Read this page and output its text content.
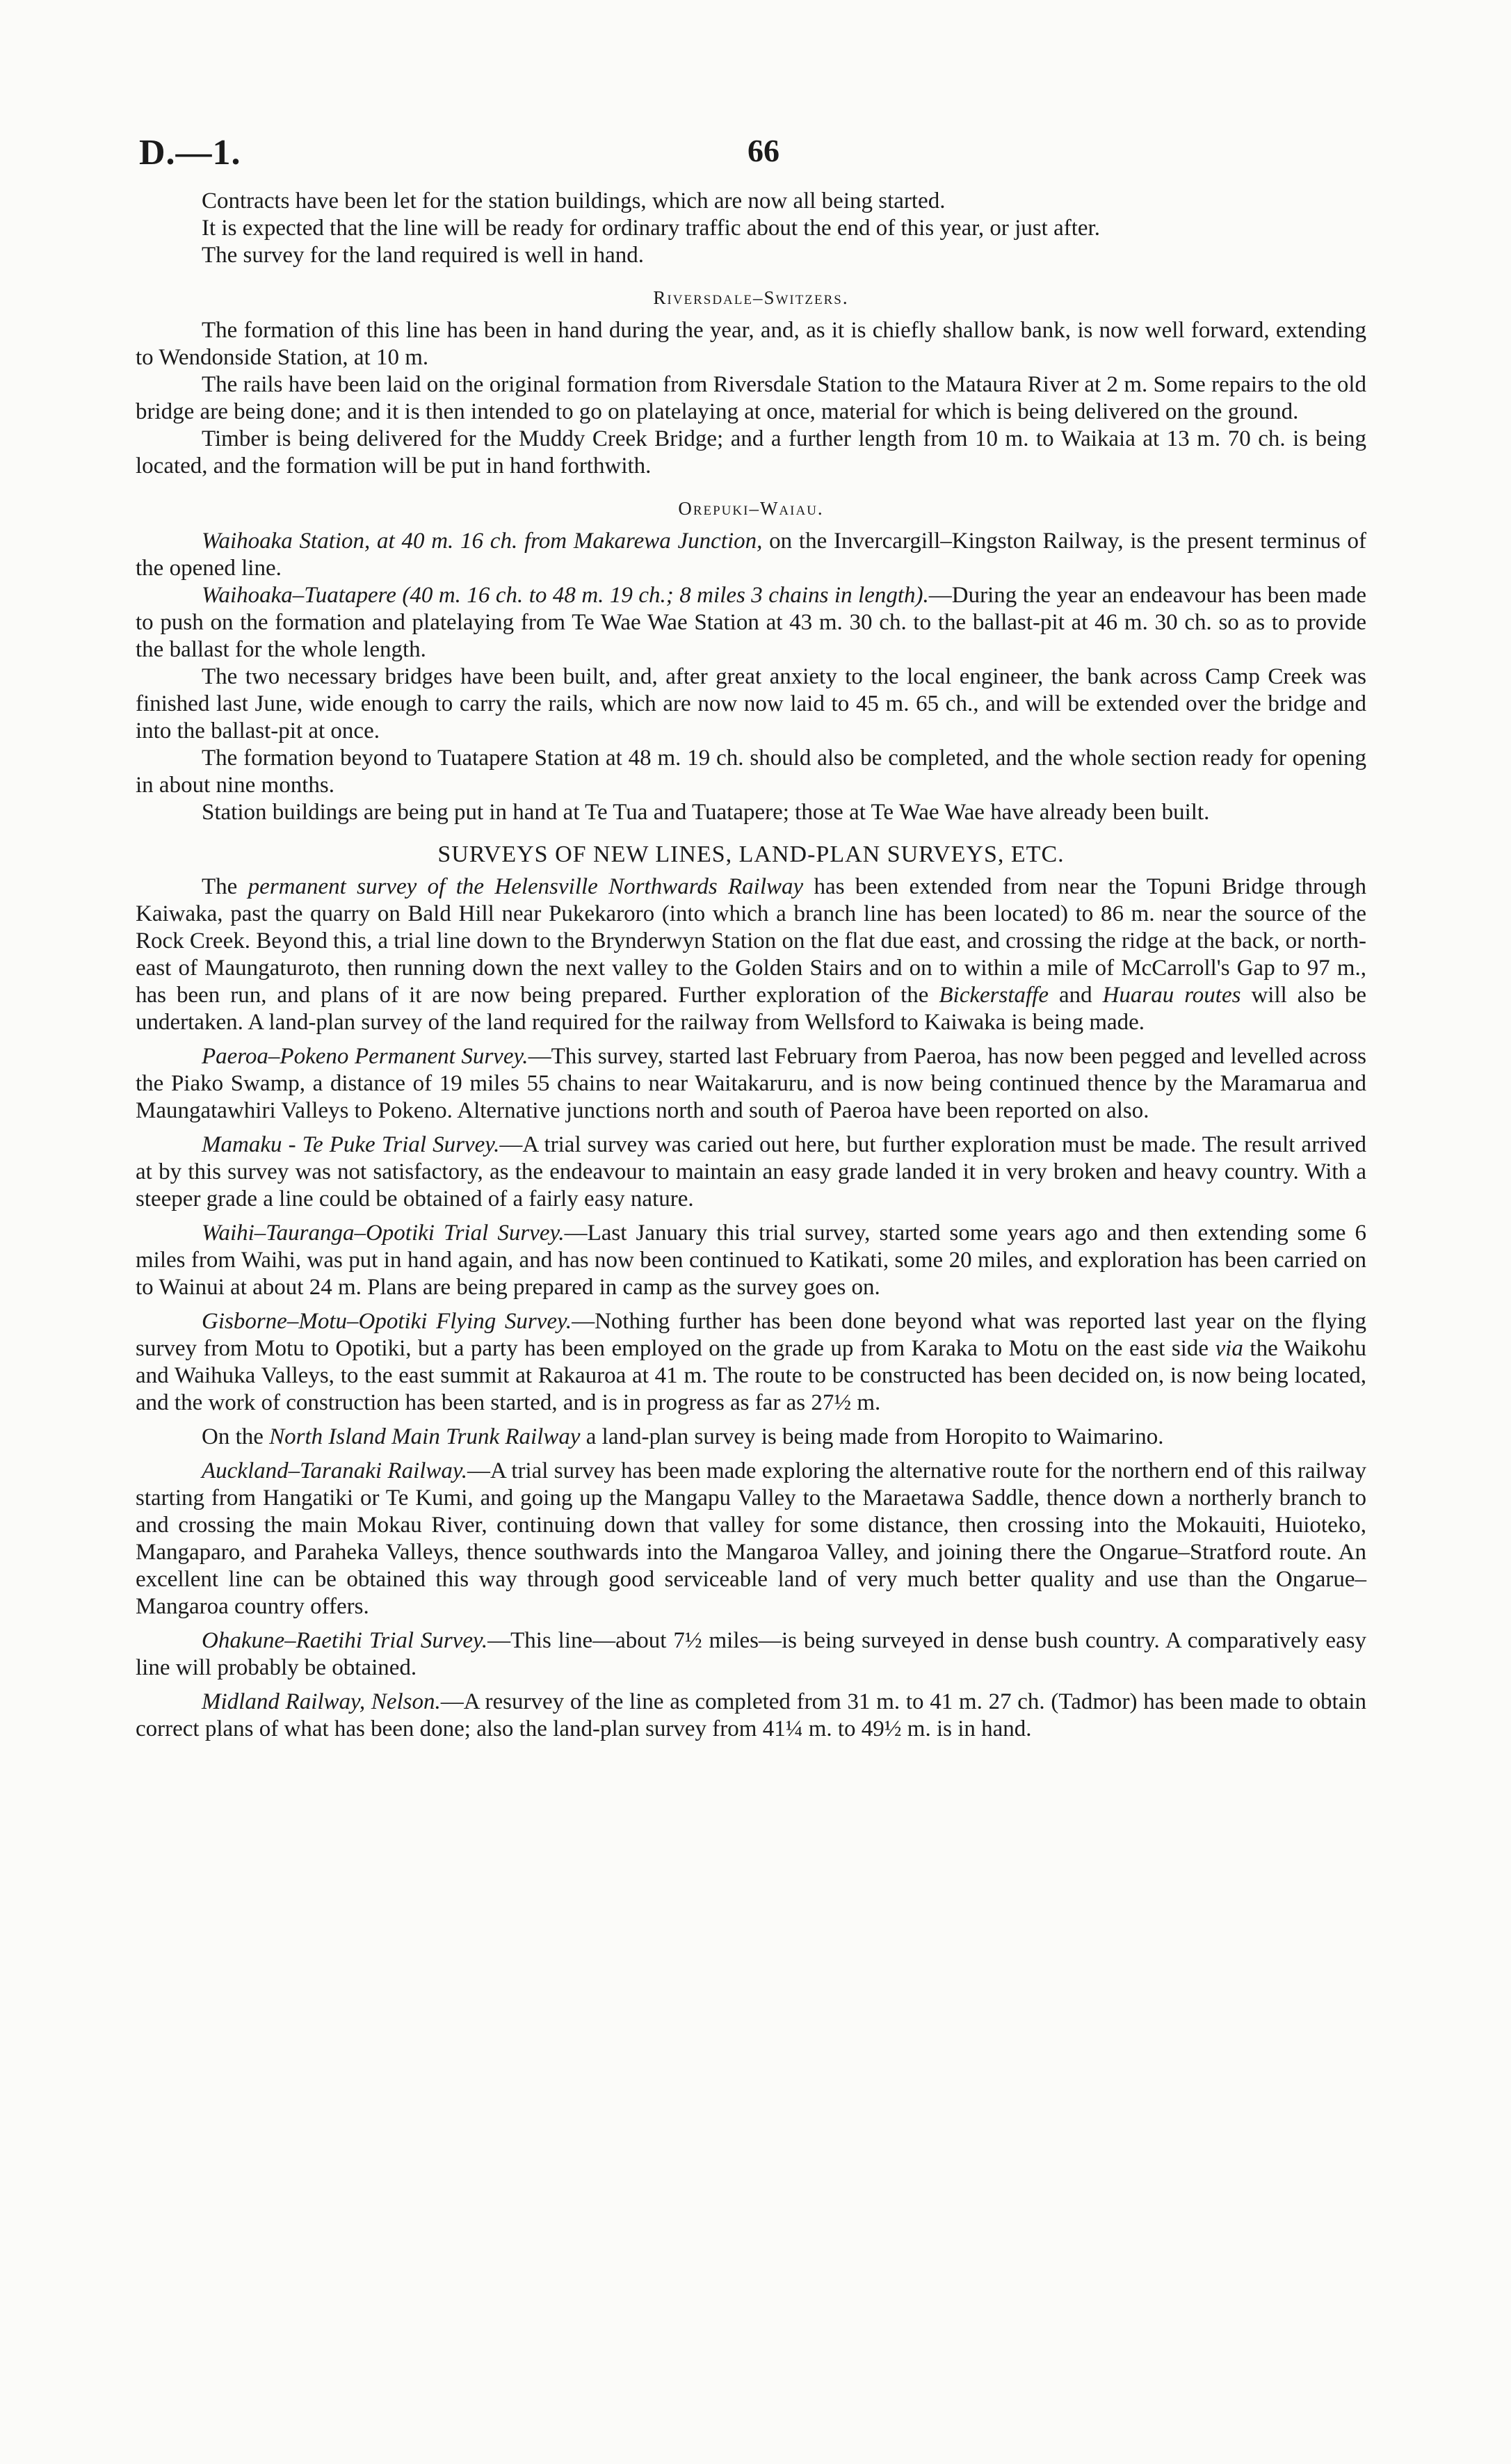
D.—1.	66

Contracts have been let for the station buildings, which are now all being started.

It is expected that the line will be ready for ordinary traffic about the end of this year, or just after.

The survey for the land required is well in hand.

Riversdale–Switzers.

The formation of this line has been in hand during the year, and, as it is chiefly shallow bank, is now well forward, extending to Wendonside Station, at 10 m.

The rails have been laid on the original formation from Riversdale Station to the Mataura River at 2 m. Some repairs to the old bridge are being done; and it is then intended to go on platelaying at once, material for which is being delivered on the ground.

Timber is being delivered for the Muddy Creek Bridge; and a further length from 10 m. to Waikaia at 13 m. 70 ch. is being located, and the formation will be put in hand forthwith.

Orepuki–Waiau.

Waihoaka Station, at 40 m. 16 ch. from Makarewa Junction, on the Invercargill–Kingston Railway, is the present terminus of the opened line.

Waihoaka–Tuatapere (40 m. 16 ch. to 48 m. 19 ch.; 8 miles 3 chains in length).—During the year an endeavour has been made to push on the formation and platelaying from Te Wae Wae Station at 43 m. 30 ch. to the ballast-pit at 46 m. 30 ch. so as to provide the ballast for the whole length.

The two necessary bridges have been built, and, after great anxiety to the local engineer, the bank across Camp Creek was finished last June, wide enough to carry the rails, which are now now laid to 45 m. 65 ch., and will be extended over the bridge and into the ballast-pit at once.

The formation beyond to Tuatapere Station at 48 m. 19 ch. should also be completed, and the whole section ready for opening in about nine months.

Station buildings are being put in hand at Te Tua and Tuatapere; those at Te Wae Wae have already been built.

SURVEYS OF NEW LINES, LAND-PLAN SURVEYS, ETC.

The permanent survey of the Helensville Northwards Railway has been extended from near the Topuni Bridge through Kaiwaka, past the quarry on Bald Hill near Pukekaroro (into which a branch line has been located) to 86 m. near the source of the Rock Creek. Beyond this, a trial line down to the Brynderwyn Station on the flat due east, and crossing the ridge at the back, or north-east of Maungaturoto, then running down the next valley to the Golden Stairs and on to within a mile of McCarroll's Gap to 97 m., has been run, and plans of it are now being prepared. Further exploration of the Bickerstaffe and Huarau routes will also be undertaken. A land-plan survey of the land required for the railway from Wellsford to Kaiwaka is being made.

Paeroa–Pokeno Permanent Survey.—This survey, started last February from Paeroa, has now been pegged and levelled across the Piako Swamp, a distance of 19 miles 55 chains to near Waitakaruru, and is now being continued thence by the Maramarua and Maungatawhiri Valleys to Pokeno. Alternative junctions north and south of Paeroa have been reported on also.

Mamaku - Te Puke Trial Survey.—A trial survey was caried out here, but further exploration must be made. The result arrived at by this survey was not satisfactory, as the endeavour to maintain an easy grade landed it in very broken and heavy country. With a steeper grade a line could be obtained of a fairly easy nature.

Waihi–Tauranga–Opotiki Trial Survey.—Last January this trial survey, started some years ago and then extending some 6 miles from Waihi, was put in hand again, and has now been continued to Katikati, some 20 miles, and exploration has been carried on to Wainui at about 24 m. Plans are being prepared in camp as the survey goes on.

Gisborne–Motu–Opotiki Flying Survey.—Nothing further has been done beyond what was reported last year on the flying survey from Motu to Opotiki, but a party has been employed on the grade up from Karaka to Motu on the east side via the Waikohu and Waihuka Valleys, to the east summit at Rakauroa at 41 m. The route to be constructed has been decided on, is now being located, and the work of construction has been started, and is in progress as far as 27½ m.

On the North Island Main Trunk Railway a land-plan survey is being made from Horopito to Waimarino.

Auckland–Taranaki Railway.—A trial survey has been made exploring the alternative route for the northern end of this railway starting from Hangatiki or Te Kumi, and going up the Mangapu Valley to the Maraetawa Saddle, thence down a northerly branch to and crossing the main Mokau River, continuing down that valley for some distance, then crossing into the Mokauiti, Huiotekо, Mangaparo, and Paraheka Valleys, thence southwards into the Mangaroa Valley, and joining there the Ongarue–Stratford route. An excellent line can be obtained this way through good serviceable land of very much better quality and use than the Ongarue–Mangaroa country offers.

Ohakune–Raetihi Trial Survey.—This line—about 7½ miles—is being surveyed in dense bush country. A comparatively easy line will probably be obtained.

Midland Railway, Nelson.—A resurvey of the line as completed from 31 m. to 41 m. 27 ch. (Tadmor) has been made to obtain correct plans of what has been done; also the land-plan survey from 41¼ m. to 49½ m. is in hand.
